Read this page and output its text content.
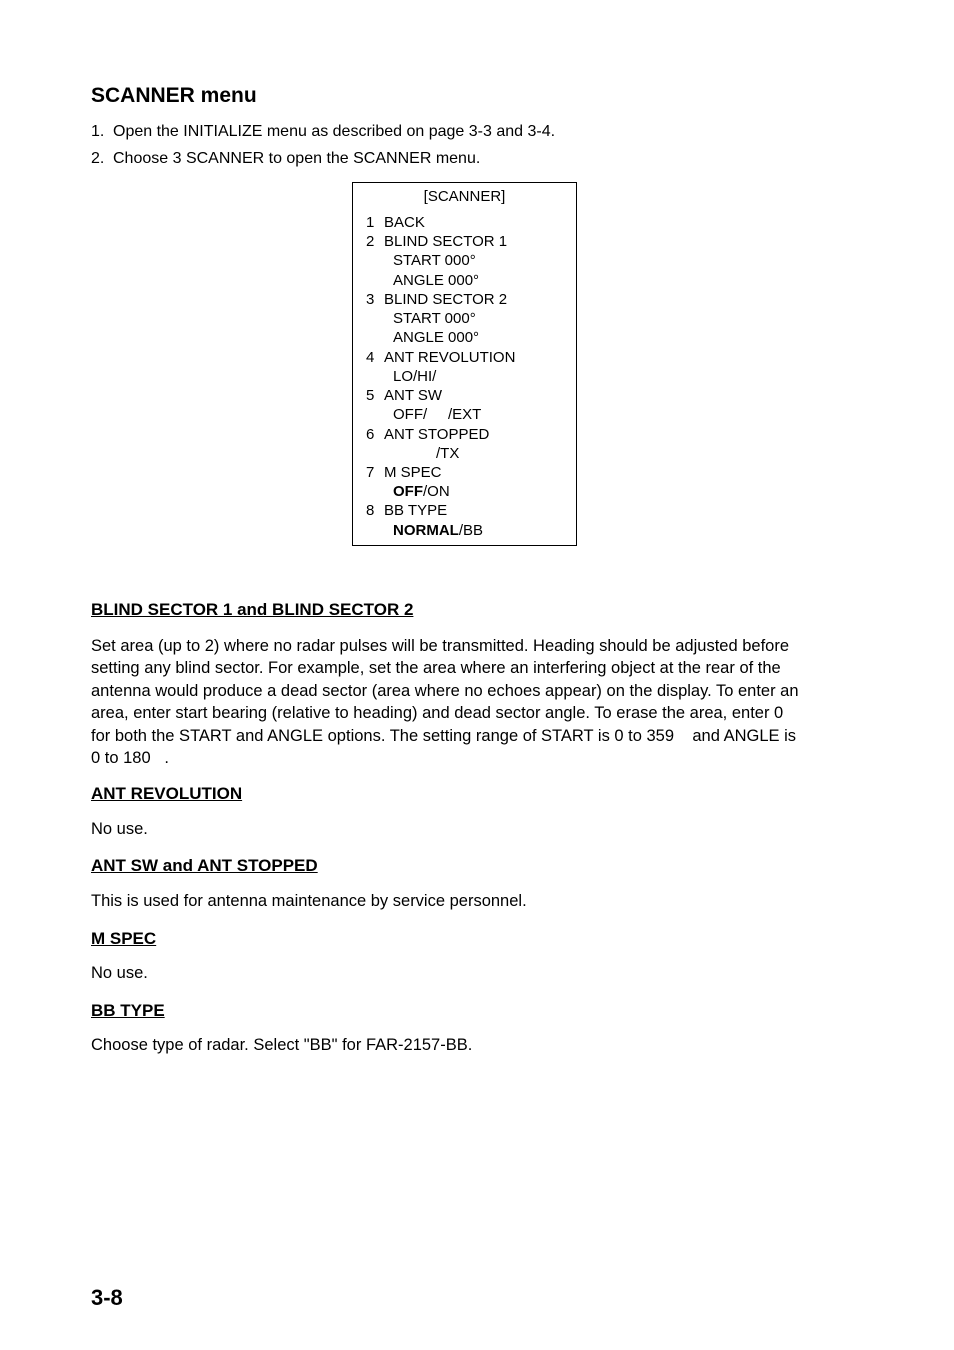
SCANNER menu
1. Open the INITIALIZE menu as described on page 3-3 and 3-4.
2. Choose 3 SCANNER to open the SCANNER menu.
[SCANNER]
1 BACK
2 BLIND SECTOR 1
START 000°
ANGLE 000°
3 BLIND SECTOR 2
START 000°
ANGLE 000°
4 ANT REVOLUTION
LO/HI/
5 ANT SW
OFF/     /EXT
6 ANT STOPPED
/TX
7 M SPEC
OFF/ON
8 BB TYPE
NORMAL/BB
BLIND SECTOR 1 and BLIND SECTOR 2
Set area (up to 2) where no radar pulses will be transmitted. Heading should be adjusted before
setting any blind sector. For example, set the area where an interfering object at the rear of the
antenna would produce a dead sector (area where no echoes appear) on the display. To enter an
area, enter start bearing (relative to heading) and dead sector angle. To erase the area, enter 0
for both the START and ANGLE options. The setting range of START is 0 to 359    and ANGLE is
0 to 180   .
ANT REVOLUTION
No use.
ANT SW and ANT STOPPED
This is used for antenna maintenance by service personnel.
M SPEC
No use.
BB TYPE
Choose type of radar. Select "BB" for FAR-2157-BB.
3-8
